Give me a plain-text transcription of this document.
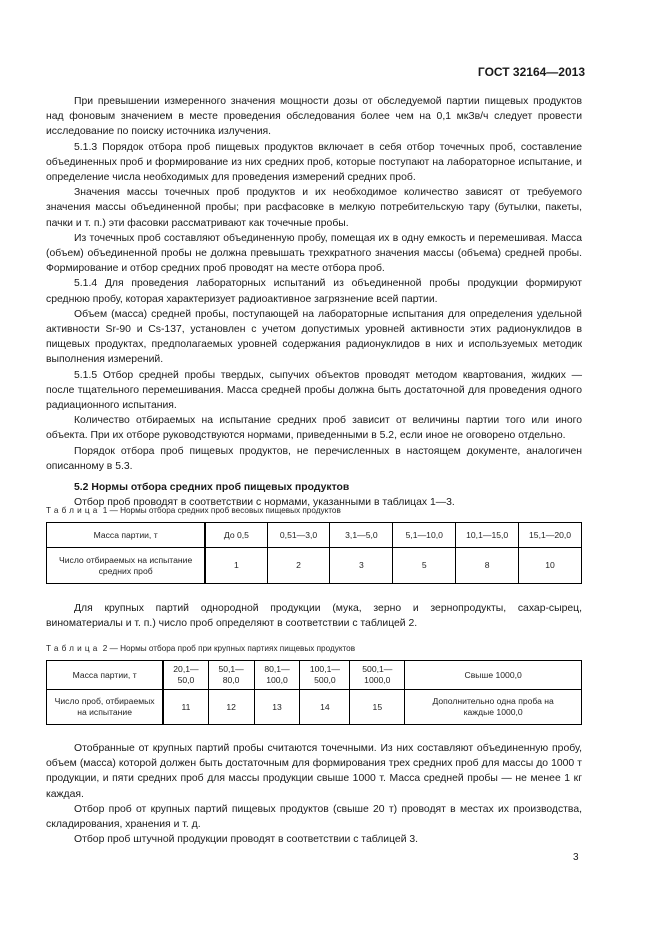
ГОСТ 32164—2013

При превышении измеренного значения мощности дозы от обследуемой партии пищевых продуктов над фоновым значением в месте проведения обследования более чем на 0,1 мкЗв/ч следует провести исследование по поиску источника излучения.

5.1.3 Порядок отбора проб пищевых продуктов включает в себя отбор точечных проб, составление объединенных проб и формирование из них средних проб, которые поступают на лабораторное испытание, и определение числа необходимых для проведения измерений средних проб.

Значения массы точечных проб продуктов и их необходимое количество зависят от требуемого значения массы объединенной пробы; при расфасовке в мелкую потребительскую тару (бутылки, пакеты, пачки и т. п.) эти фасовки рассматривают как точечные пробы.

Из точечных проб составляют объединенную пробу, помещая их в одну емкость и перемешивая. Масса (объем) объединенной пробы не должна превышать трехкратного значения массы (объема) средней пробы. Формирование и отбор средних проб проводят на месте отбора проб.

5.1.4 Для проведения лабораторных испытаний из объединенной пробы продукции формируют среднюю пробу, которая характеризует радиоактивное загрязнение всей партии.

Объем (масса) средней пробы, поступающей на лабораторные испытания для определения удельной активности Sr-90 и Cs-137, установлен с учетом допустимых уровней активности этих радионуклидов в пищевых продуктах, предполагаемых уровней содержания радионуклидов в них и используемых методик выполнения измерений.

5.1.5 Отбор средней пробы твердых, сыпучих объектов проводят методом квартования, жидких — после тщательного перемешивания. Масса средней пробы должна быть достаточной для проведения одного радиационного испытания.

Количество отбираемых на испытание средних проб зависит от величины партии того или иного объекта. При их отборе руководствуются нормами, приведенными в 5.2, если иное не оговорено отдельно.

Порядок отбора проб пищевых продуктов, не перечисленных в настоящем документе, аналогичен описанному в 5.3.

5.2 Нормы отбора средних проб пищевых продуктов

Отбор проб проводят в соответствии с нормами, указанными в таблицах 1—3.

Таблица 1 — Нормы отбора средних проб весовых пищевых продуктов
Масса партии, т	До 0,5	0,51—3,0	3,1—5,0	5,1—10,0	10,1—15,0	15,1—20,0
Число отбираемых на испытание средних проб	1	2	3	5	8	10

Для крупных партий однородной продукции (мука, зерно и зернопродукты, сахар-сырец, виноматериалы и т. п.) число проб определяют в соответствии с таблицей 2.

Таблица 2 — Нормы отбора проб при крупных партиях пищевых продуктов
Масса партии, т	20,1— 50,0	50,1— 80,0	80,1— 100,0	100,1— 500,0	500,1— 1000,0	Свыше 1000,0
Число проб, отбираемых на испытание	11	12	13	14	15	Дополнительно одна проба на каждые 1000,0

Отобранные от крупных партий пробы считаются точечными. Из них составляют объединенную пробу, объем (масса) которой должен быть достаточным для формирования трех средних проб для массы до 1000 т продукции, и пяти средних проб для массы продукции свыше 1000 т. Масса средней пробы — не менее 1 кг каждая.

Отбор проб от крупных партий пищевых продуктов (свыше 20 т) проводят в местах их производства, складирования, хранения и т. д.

Отбор проб штучной продукции проводят в соответствии с таблицей 3.

3
